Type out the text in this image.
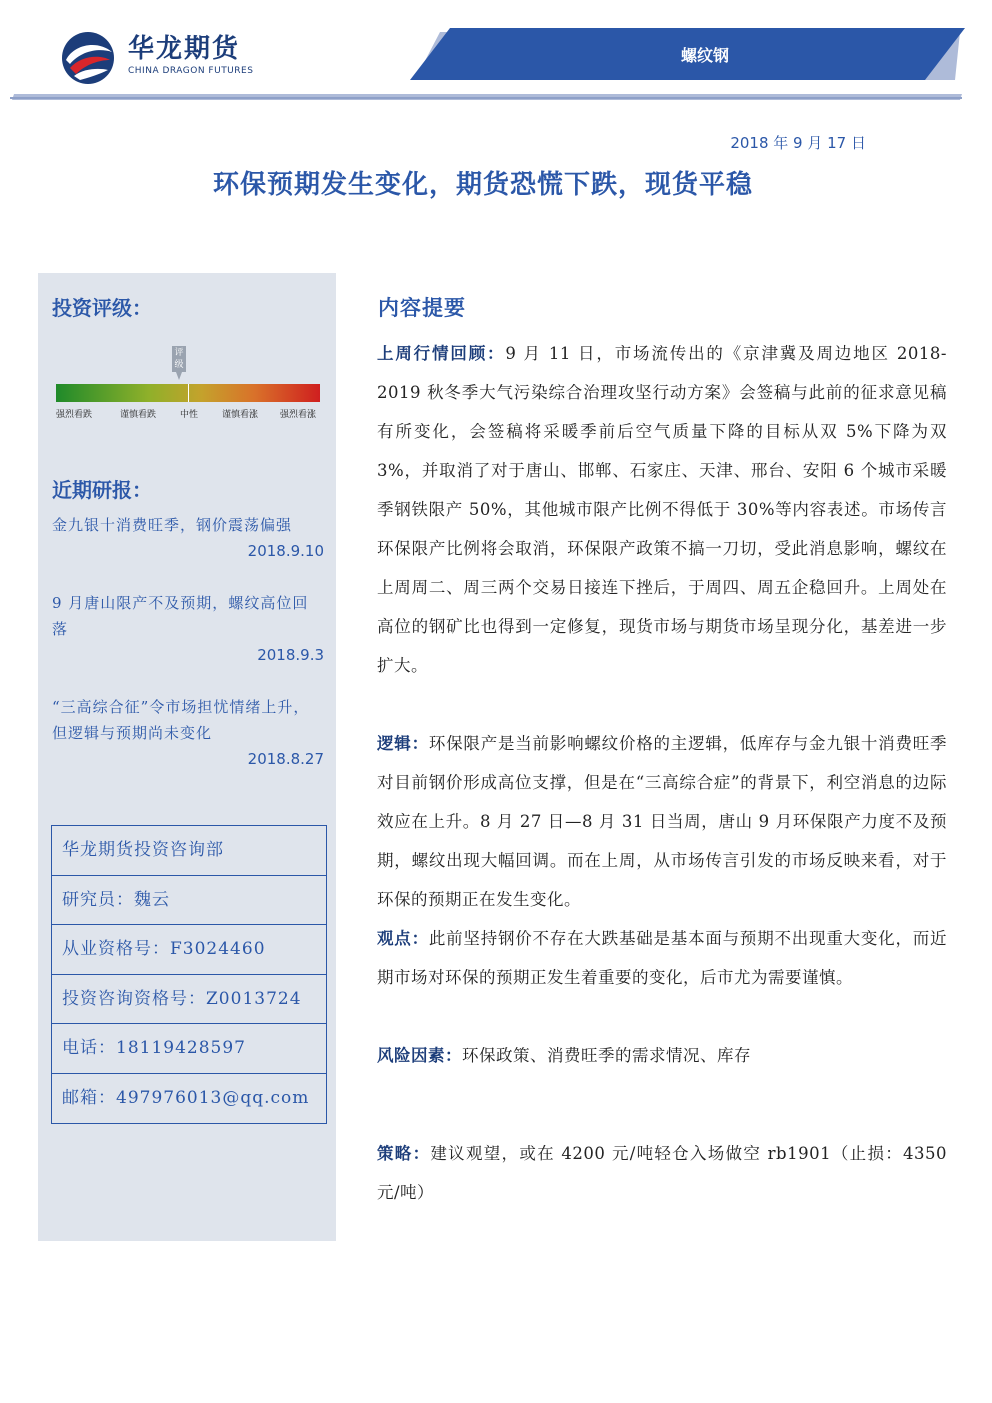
华龙期货
CHINA DRAGON FUTURES
螺纹钢
2018 年 9 月 17 日
环保预期发生变化，期货恐慌下跌，现货平稳
投资评级：
评级
强烈看跌	谨慎看跌	中性	谨慎看涨 强烈看涨
近期研报：
金九银十消费旺季，钢价震荡偏强
2018.9.10
9 月唐山限产不及预期，螺纹高位回落
2018.9.3
“三高综合征”令市场担忧情绪上升，但逻辑与预期尚未变化
2018.8.27
华龙期货投资咨询部
研究员：魏云
从业资格号：F3024460
投资咨询资格号：Z0013724
电话：18119428597
邮箱：497976013@qq.com
内容提要
上周行情回顾：9 月 11 日，市场流传出的《京津冀及周边地区 2018-2019 秋冬季大气污染综合治理攻坚行动方案》会签稿与此前的征求意见稿有所变化，会签稿将采暖季前后空气质量下降的目标从双 5%下降为双 3%，并取消了对于唐山、邯郸、石家庄、天津、邢台、安阳 6 个城市采暖季钢铁限产 50%，其他城市限产比例不得低于 30%等内容表述。市场传言环保限产比例将会取消，环保限产政策不搞一刀切，受此消息影响，螺纹在上周周二、周三两个交易日接连下挫后，于周四、周五企稳回升。上周处在高位的钢矿比也得到一定修复，现货市场与期货市场呈现分化，基差进一步扩大。
逻辑：环保限产是当前影响螺纹价格的主逻辑，低库存与金九银十消费旺季对目前钢价形成高位支撑，但是在“三高综合症”的背景下，利空消息的边际效应在上升。8 月 27 日—8 月 31 日当周，唐山 9 月环保限产力度不及预期，螺纹出现大幅回调。而在上周，从市场传言引发的市场反映来看，对于环保的预期正在发生变化。
观点：此前坚持钢价不存在大跌基础是基本面与预期不出现重大变化，而近期市场对环保的预期正发生着重要的变化，后市尤为需要谨慎。
风险因素：环保政策、消费旺季的需求情况、库存
策略：建议观望，或在 4200 元/吨轻仓入场做空 rb1901（止损：4350 元/吨）
